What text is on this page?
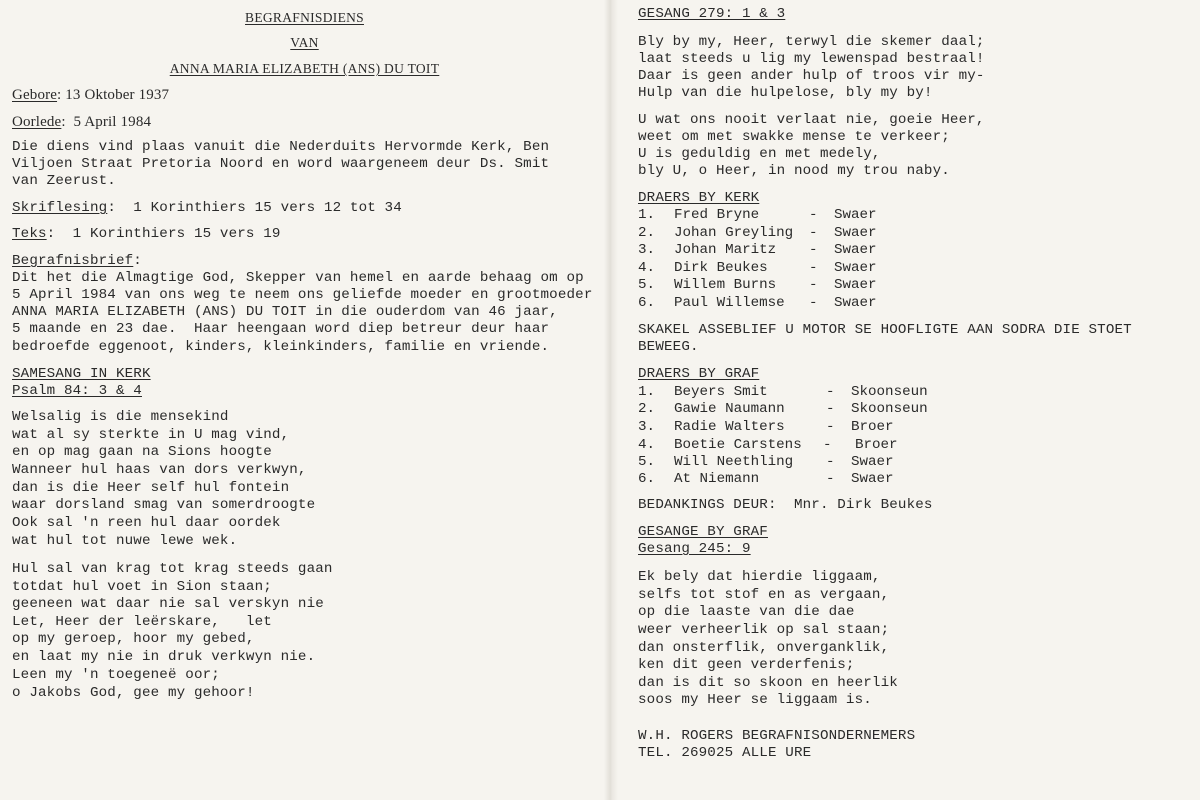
BEGRAFNISDIENS
VAN
ANNA MARIA ELIZABETH (ANS) DU TOIT
Gebore: 13 Oktober 1937
Oorlede:  5 April 1984
Die diens vind plaas vanuit die Nederduits Hervormde Kerk, Ben
Viljoen Straat Pretoria Noord en word waargeneem deur Ds. Smit
van Zeerust.
Skriflesing:  1 Korinthiers 15 vers 12 tot 34
Teks:  1 Korinthiers 15 vers 19
Begrafnisbrief:
Dit het die Almagtige God, Skepper van hemel en aarde behaag om op
5 April 1984 van ons weg te neem ons geliefde moeder en grootmoeder
ANNA MARIA ELIZABETH (ANS) DU TOIT in die ouderdom van 46 jaar,
5 maande en 23 dae.  Haar heengaan word diep betreur deur haar
bedroefde eggenoot, kinders, kleinkinders, familie en vriende.
SAMESANG IN KERK
Psalm 84: 3 & 4
Welsalig is die mensekind
wat al sy sterkte in U mag vind,
en op mag gaan na Sions hoogte
Wanneer hul haas van dors verkwyn,
dan is die Heer self hul fontein
waar dorsland smag van somerdroogte
Ook sal 'n reen hul daar oordek
wat hul tot nuwe lewe wek.
Hul sal van krag tot krag steeds gaan
totdat hul voet in Sion staan;
geeneen wat daar nie sal verskyn nie
Let, Heer der leërskare,   let
op my geroep, hoor my gebed,
en laat my nie in druk verkwyn nie.
Leen my 'n toegeneë oor;
o Jakobs God, gee my gehoor!
GESANG 279: 1 & 3
Bly by my, Heer, terwyl die skemer daal;
laat steeds u lig my lewenspad bestraal!
Daar is geen ander hulp of troos vir my-
Hulp van die hulpelose, bly my by!
U wat ons nooit verlaat nie, goeie Heer,
weet om met swakke mense te verkeer;
U is geduldig en met medely,
bly U, o Heer, in nood my trou naby.
DRAERS BY KERK
1. Fred Bryne	- Swaer
2. Johan Greyling - Swaer
3. Johan Maritz - Swaer
4. Dirk Beukes	- Swaer
5. Willem Burns - Swaer
6. Paul Willemse - Swaer
SKAKEL ASSEBLIEF U MOTOR SE HOOFLIGTE AAN SODRA DIE STOET
BEWEEG.
DRAERS BY GRAF
1. Beyers Smit	- Skoonseun
2. Gawie Naumann	- Skoonseun
3. Radie Walters	- Broer
4. Boetie Carstens - Broer
5. Will Neethling - Swaer
6. At Niemann	- Swaer
BEDANKINGS DEUR:  Mnr. Dirk Beukes
GESANGE BY GRAF
Gesang 245: 9
Ek bely dat hierdie liggaam,
selfs tot stof en as vergaan,
op die laaste van die dae
weer verheerlik op sal staan;
dan onsterflik, onverganklik,
ken dit geen verderfenis;
dan is dit so skoon en heerlik
soos my Heer se liggaam is.
W.H. ROGERS BEGRAFNISONDERNEMERS
TEL. 269025 ALLE URE
